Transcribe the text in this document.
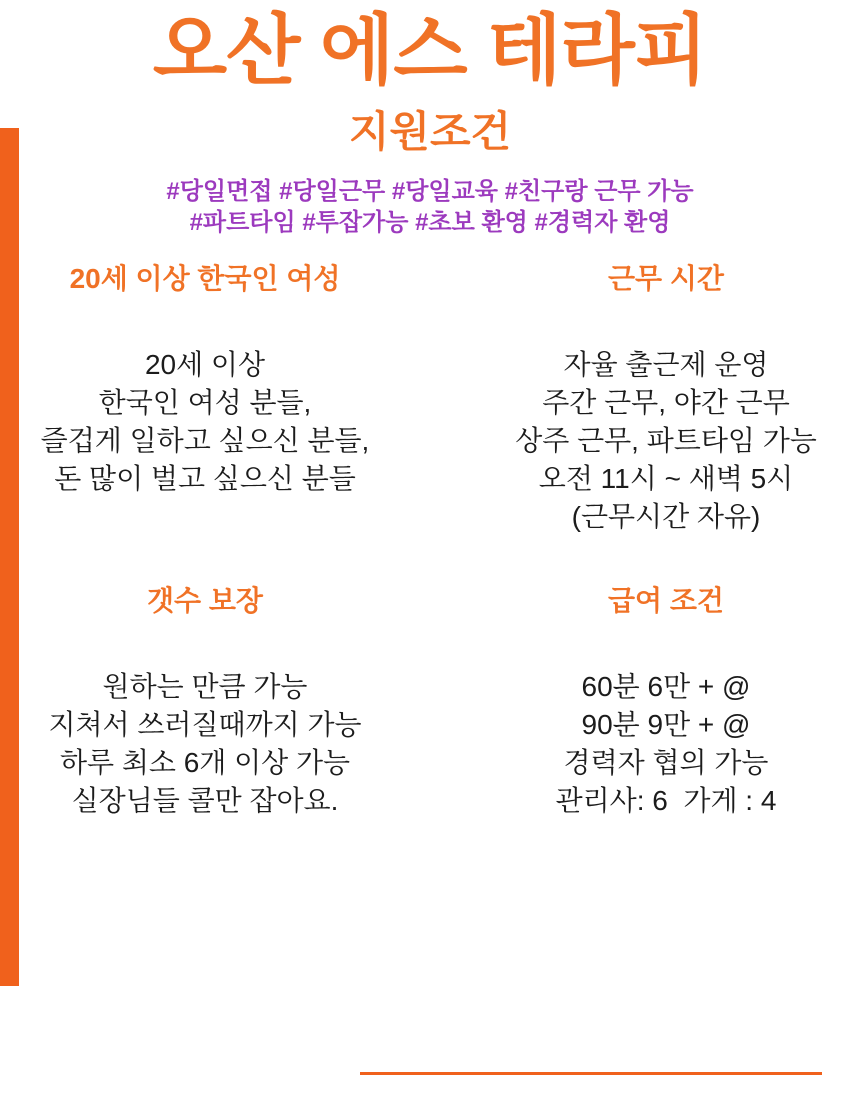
오산 에스 테라피
지원조건
#당일면접 #당일근무 #당일교육 #친구랑 근무 가능
#파트타임 #투잡가능 #초보 환영 #경력자 환영
20세 이상 한국인 여성
20세 이상
한국인 여성 분들,
즐겁게 일하고 싶으신 분들,
돈 많이 벌고 싶으신 분들
근무 시간
자율 출근제 운영
주간 근무, 야간 근무
상주 근무, 파트타임 가능
오전 11시 ~ 새벽 5시
(근무시간 자유)
갯수 보장
원하는 만큼 가능
지쳐서 쓰러질때까지 가능
하루 최소 6개 이상 가능
실장님들 콜만 잡아요.
급여 조건
60분 6만 + @
90분 9만 + @
경력자 협의 가능
관리사: 6  가게 : 4
